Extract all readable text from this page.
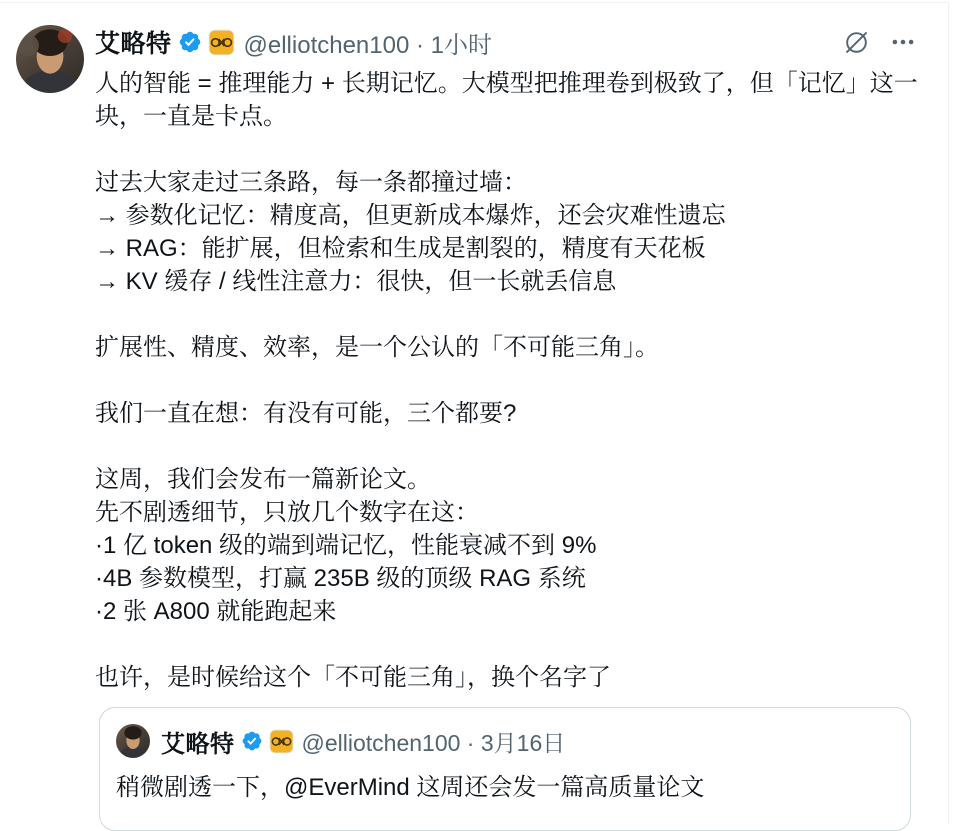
艾略特	@elliotchen100 · 1小时
人的智能 = 推理能力 + 长期记忆。大模型把推理卷到极致了，但「记忆」这一
块，一直是卡点。

过去大家走过三条路，每一条都撞过墙：
→ 参数化记忆：精度高，但更新成本爆炸，还会灾难性遗忘
→ RAG：能扩展，但检索和生成是割裂的，精度有天花板
→ KV 缓存 / 线性注意力：很快，但一长就丢信息

扩展性、精度、效率，是一个公认的「不可能三角」。

我们一直在想：有没有可能，三个都要?

这周，我们会发布一篇新论文。
先不剧透细节，只放几个数字在这：
·1 亿 token 级的端到端记忆，性能衰减不到 9%
·4B 参数模型，打赢 235B 级的顶级 RAG 系统
·2 张 A800 就能跑起来

也许，是时候给这个「不可能三角」，换个名字了
艾略特	@elliotchen100 · 3月16日
稍微剧透一下，@EverMind 这周还会发一篇高质量论文
